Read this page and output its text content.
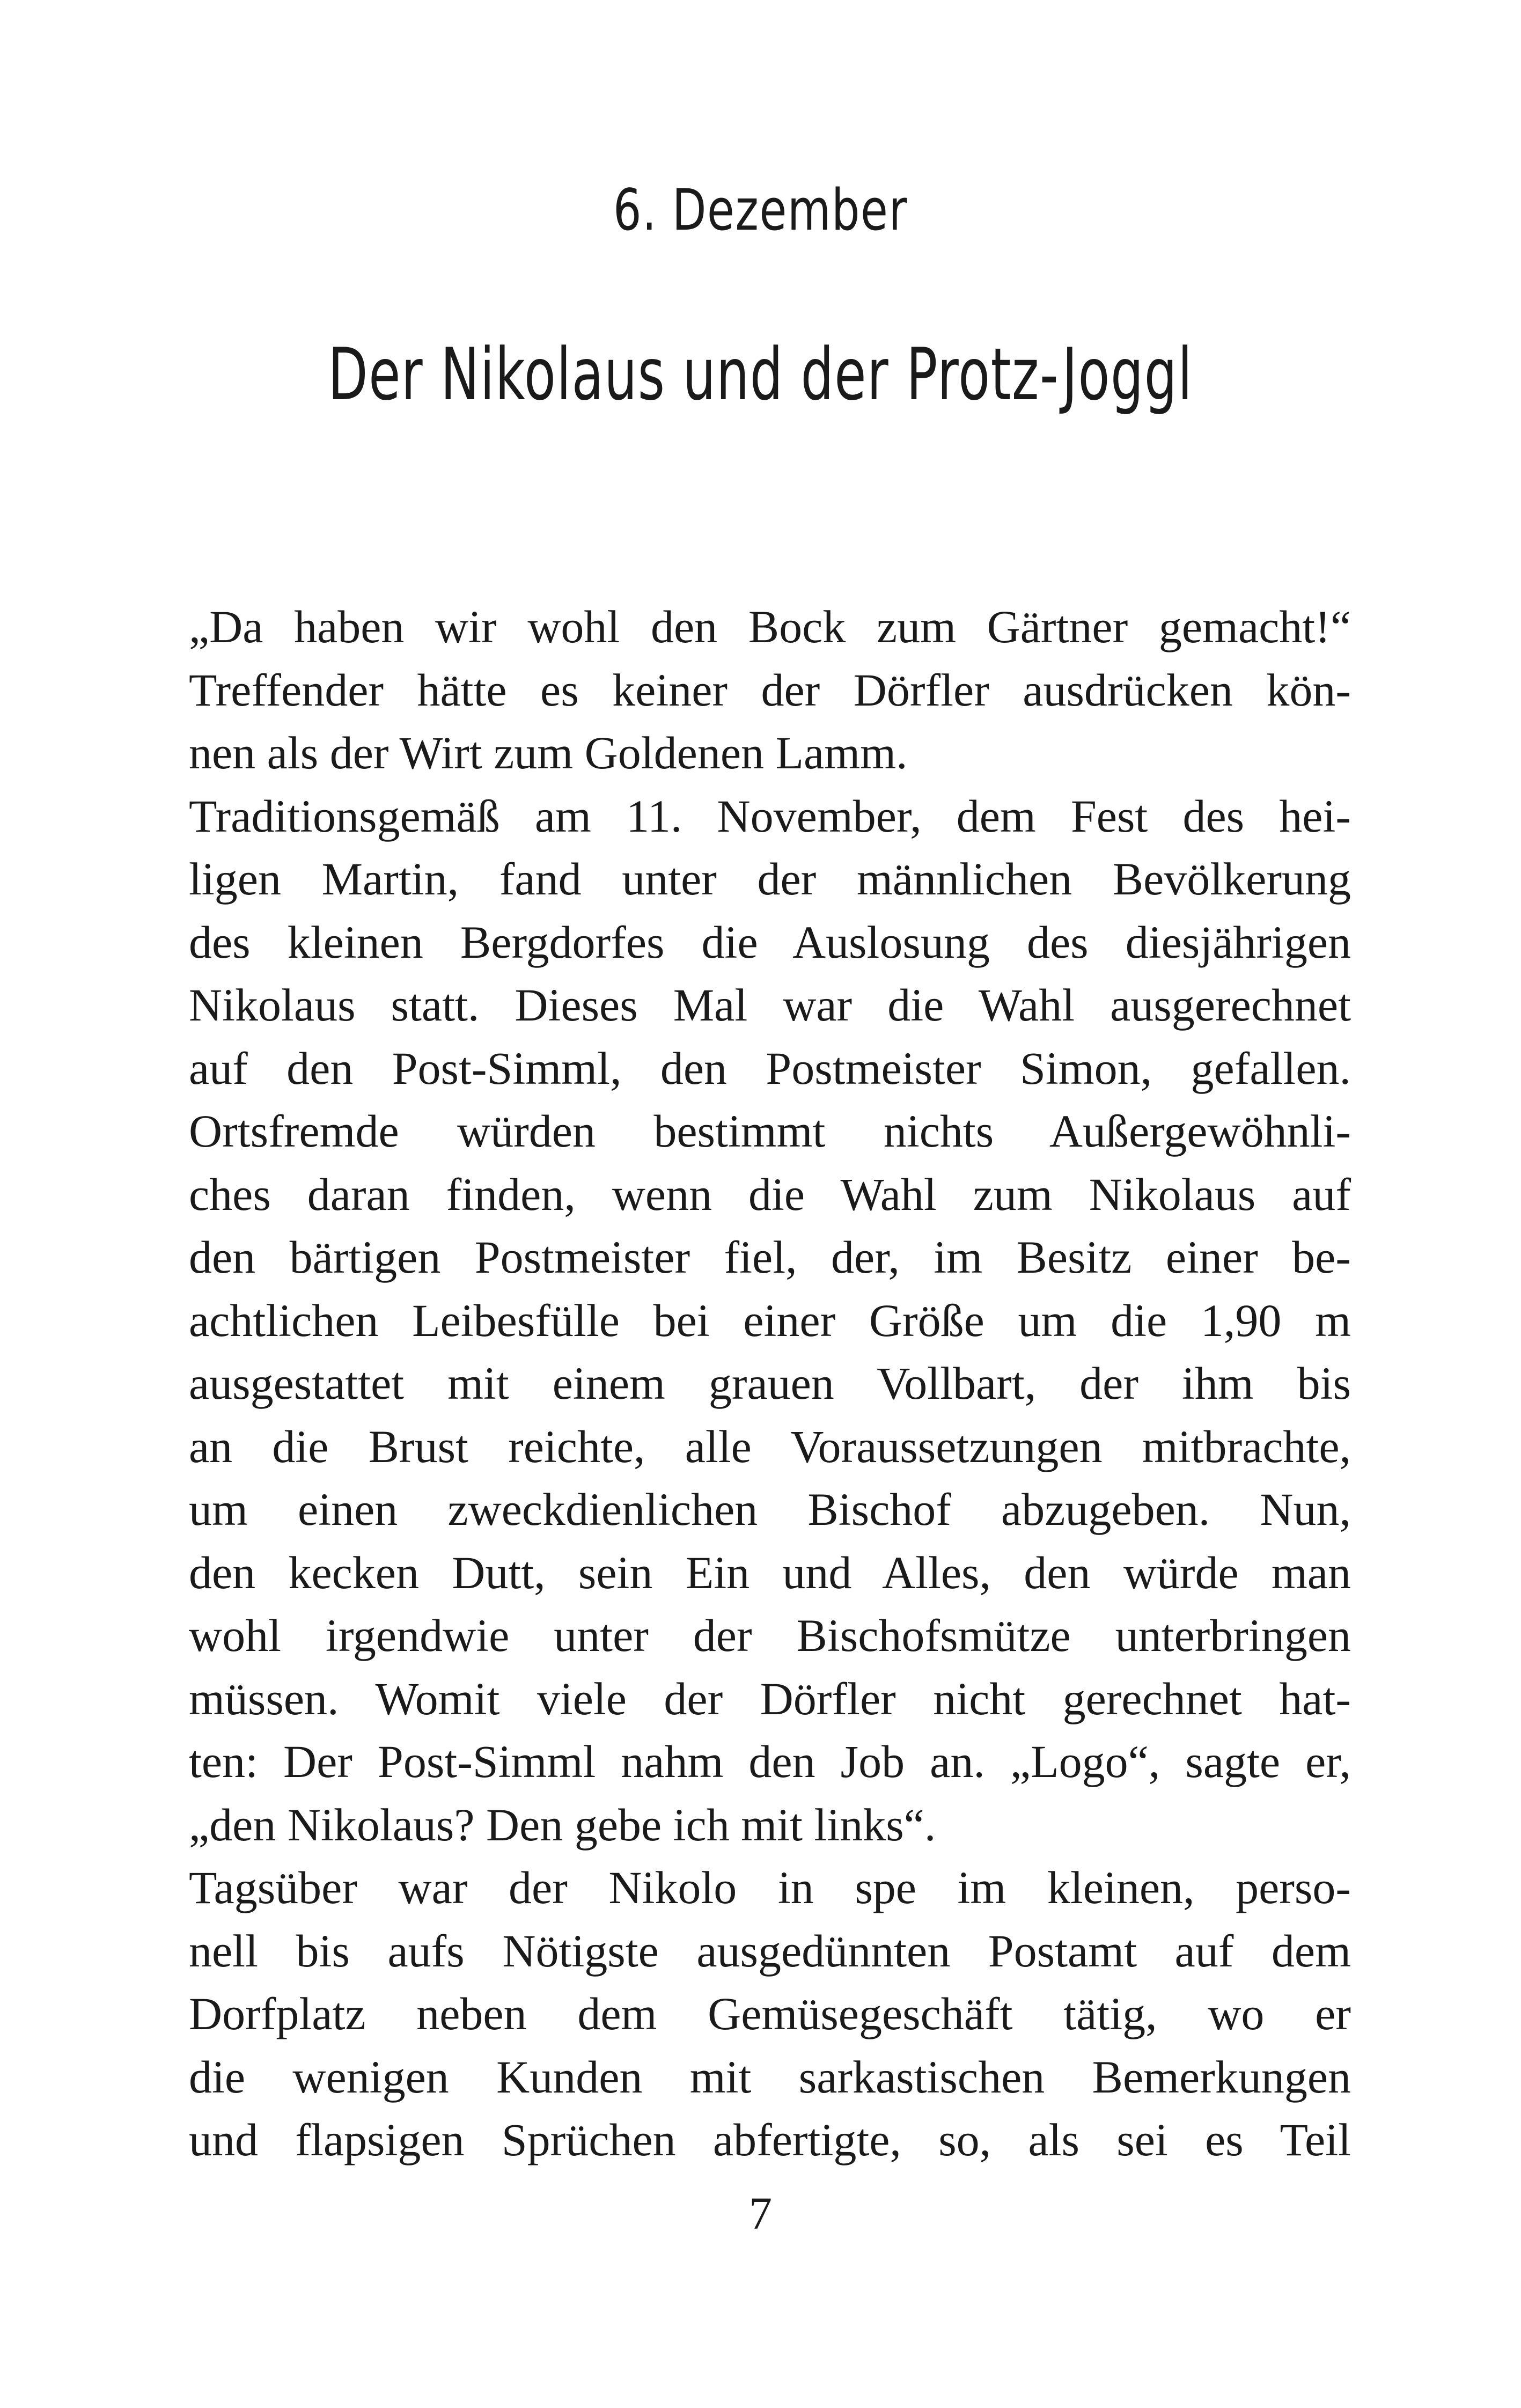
6. Dezember
Der Nikolaus und der Protz-Joggl
„Da haben wir wohl den Bock zum Gärtner gemacht!“
Treffender hätte es keiner der Dörfler ausdrücken kön-
nen als der Wirt zum Goldenen Lamm.
Traditionsgemäß am 11. November, dem Fest des hei-
ligen Martin, fand unter der männlichen Bevölkerung
des kleinen Bergdorfes die Auslosung des diesjährigen
Nikolaus statt. Dieses Mal war die Wahl ausgerechnet
auf den Post-Simml, den Postmeister Simon, gefallen.
Ortsfremde würden bestimmt nichts Außergewöhnli-
ches daran finden, wenn die Wahl zum Nikolaus auf
den bärtigen Postmeister fiel, der, im Besitz einer be-
achtlichen Leibesfülle bei einer Größe um die 1,90 m
ausgestattet mit einem grauen Vollbart, der ihm bis
an die Brust reichte, alle Voraussetzungen mitbrachte,
um einen zweckdienlichen Bischof abzugeben. Nun,
den kecken Dutt, sein Ein und Alles, den würde man
wohl irgendwie unter der Bischofsmütze unterbringen
müssen. Womit viele der Dörfler nicht gerechnet hat-
ten: Der Post-Simml nahm den Job an. „Logo“, sagte er,
„den Nikolaus? Den gebe ich mit links“.
Tagsüber war der Nikolo in spe im kleinen, perso-
nell bis aufs Nötigste ausgedünnten Postamt auf dem
Dorfplatz neben dem Gemüsegeschäft tätig, wo er
die wenigen Kunden mit sarkastischen Bemerkungen
und flapsigen Sprüchen abfertigte, so, als sei es Teil
7
